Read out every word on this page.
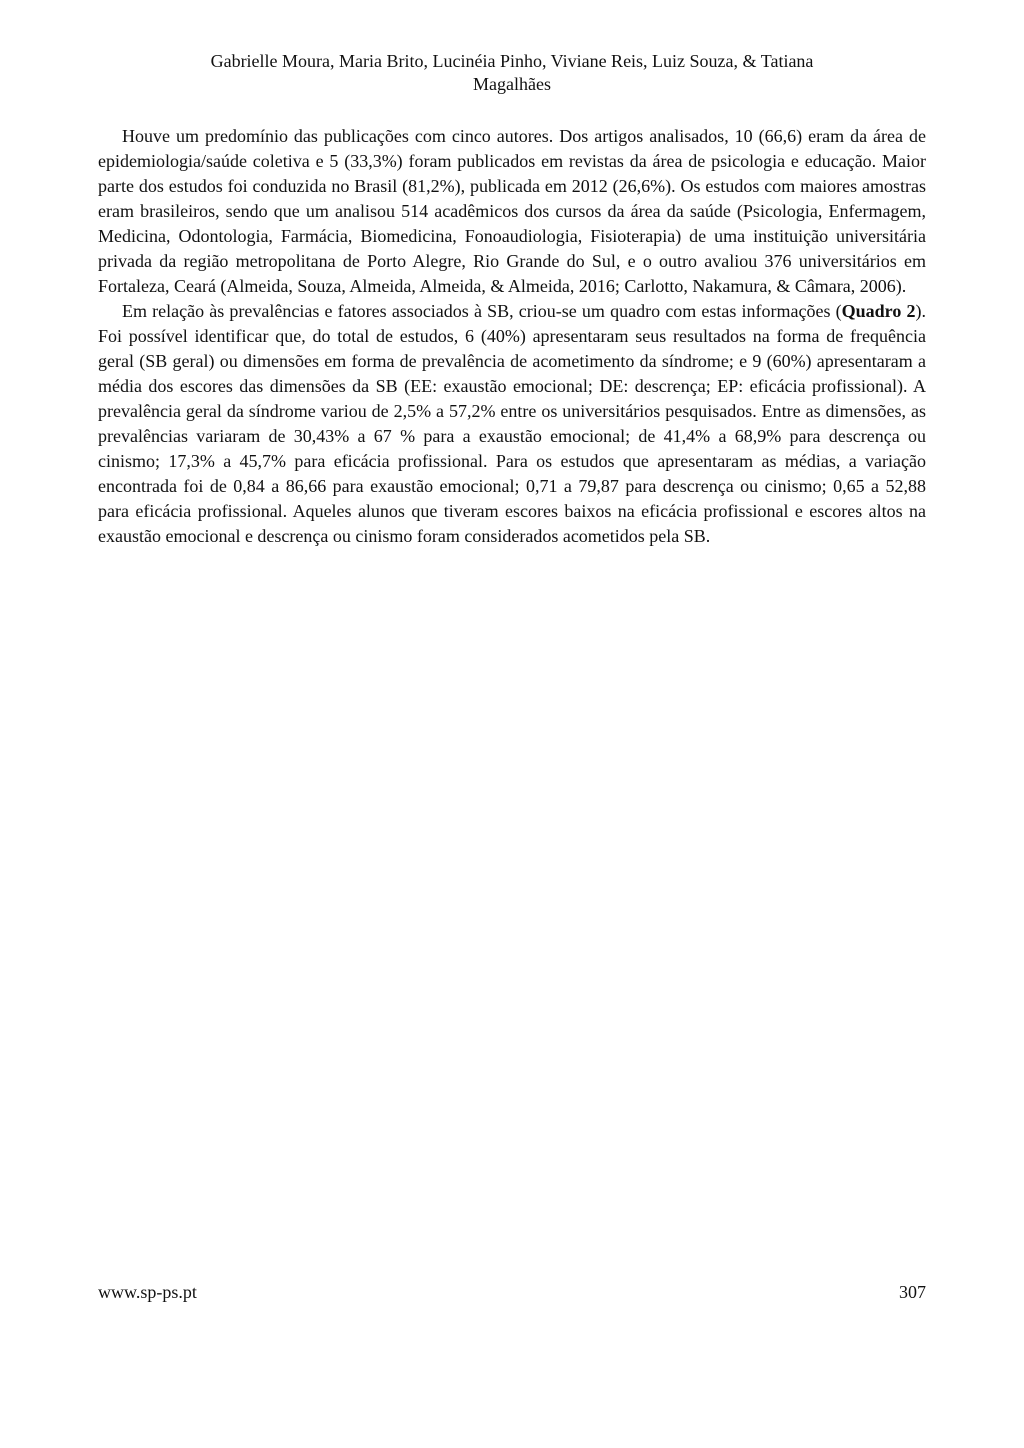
Gabrielle Moura, Maria Brito, Lucinéia Pinho, Viviane Reis, Luiz Souza, & Tatiana
Magalhães

Houve um predomínio das publicações com cinco autores. Dos artigos analisados, 10 (66,6) eram da área de epidemiologia/saúde coletiva e 5 (33,3%) foram publicados em revistas da área de psicologia e educação. Maior parte dos estudos foi conduzida no Brasil (81,2%), publicada em 2012 (26,6%). Os estudos com maiores amostras eram brasileiros, sendo que um analisou 514 acadêmicos dos cursos da área da saúde (Psicologia, Enfermagem, Medicina, Odontologia, Farmácia, Biomedicina, Fonoaudiologia, Fisioterapia) de uma instituição universitária privada da região metropolitana de Porto Alegre, Rio Grande do Sul, e o outro avaliou 376 universitários em Fortaleza, Ceará (Almeida, Souza, Almeida, Almeida, & Almeida, 2016; Carlotto, Nakamura, & Câmara, 2006).

Em relação às prevalências e fatores associados à SB, criou-se um quadro com estas informações (Quadro 2). Foi possível identificar que, do total de estudos, 6 (40%) apresentaram seus resultados na forma de frequência geral (SB geral) ou dimensões em forma de prevalência de acometimento da síndrome; e 9 (60%) apresentaram a média dos escores das dimensões da SB (EE: exaustão emocional; DE: descrença; EP: eficácia profissional). A prevalência geral da síndrome variou de 2,5% a 57,2% entre os universitários pesquisados. Entre as dimensões, as prevalências variaram de 30,43% a 67 % para a exaustão emocional; de 41,4% a 68,9% para descrença ou cinismo; 17,3% a 45,7% para eficácia profissional. Para os estudos que apresentaram as médias, a variação encontrada foi de 0,84 a 86,66 para exaustão emocional; 0,71 a 79,87 para descrença ou cinismo; 0,65 a 52,88 para eficácia profissional. Aqueles alunos que tiveram escores baixos na eficácia profissional e escores altos na exaustão emocional e descrença ou cinismo foram considerados acometidos pela SB.

www.sp-ps.pt	307
